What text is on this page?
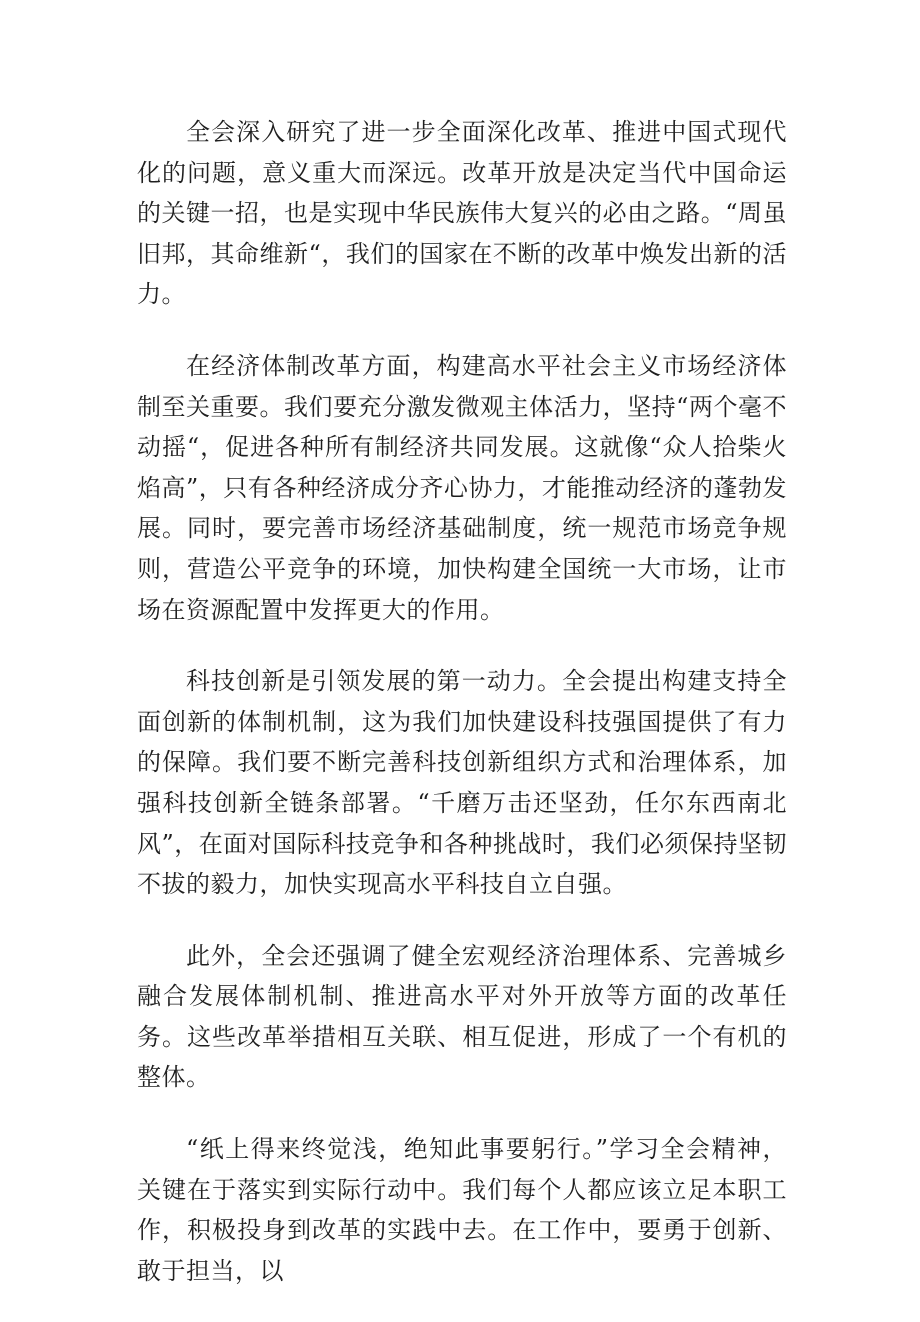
全会深入研究了进一步全面深化改革、推进中国式现代化的问题，意义重大而深远。改革开放是决定当代中国命运的关键一招，也是实现中华民族伟大复兴的必由之路。“周虽旧邦，其命维新“，我们的国家在不断的改革中焕发出新的活力。

在经济体制改革方面，构建高水平社会主义市场经济体制至关重要。我们要充分激发微观主体活力，坚持“两个毫不动摇“，促进各种所有制经济共同发展。这就像“众人拾柴火焰高”，只有各种经济成分齐心协力，才能推动经济的蓬勃发展。同时，要完善市场经济基础制度，统一规范市场竞争规则，营造公平竞争的环境，加快构建全国统一大市场，让市场在资源配置中发挥更大的作用。

科技创新是引领发展的第一动力。全会提出构建支持全面创新的体制机制，这为我们加快建设科技强国提供了有力的保障。我们要不断完善科技创新组织方式和治理体系，加强科技创新全链条部署。“千磨万击还坚劲，任尔东西南北风”，在面对国际科技竞争和各种挑战时，我们必须保持坚韧不拔的毅力，加快实现高水平科技自立自强。

此外，全会还强调了健全宏观经济治理体系、完善城乡融合发展体制机制、推进高水平对外开放等方面的改革任务。这些改革举措相互关联、相互促进，形成了一个有机的整体。

“纸上得来终觉浅，绝知此事要躬行。”学习全会精神，关键在于落实到实际行动中。我们每个人都应该立足本职工作，积极投身到改革的实践中去。在工作中，要勇于创新、敢于担当，以
